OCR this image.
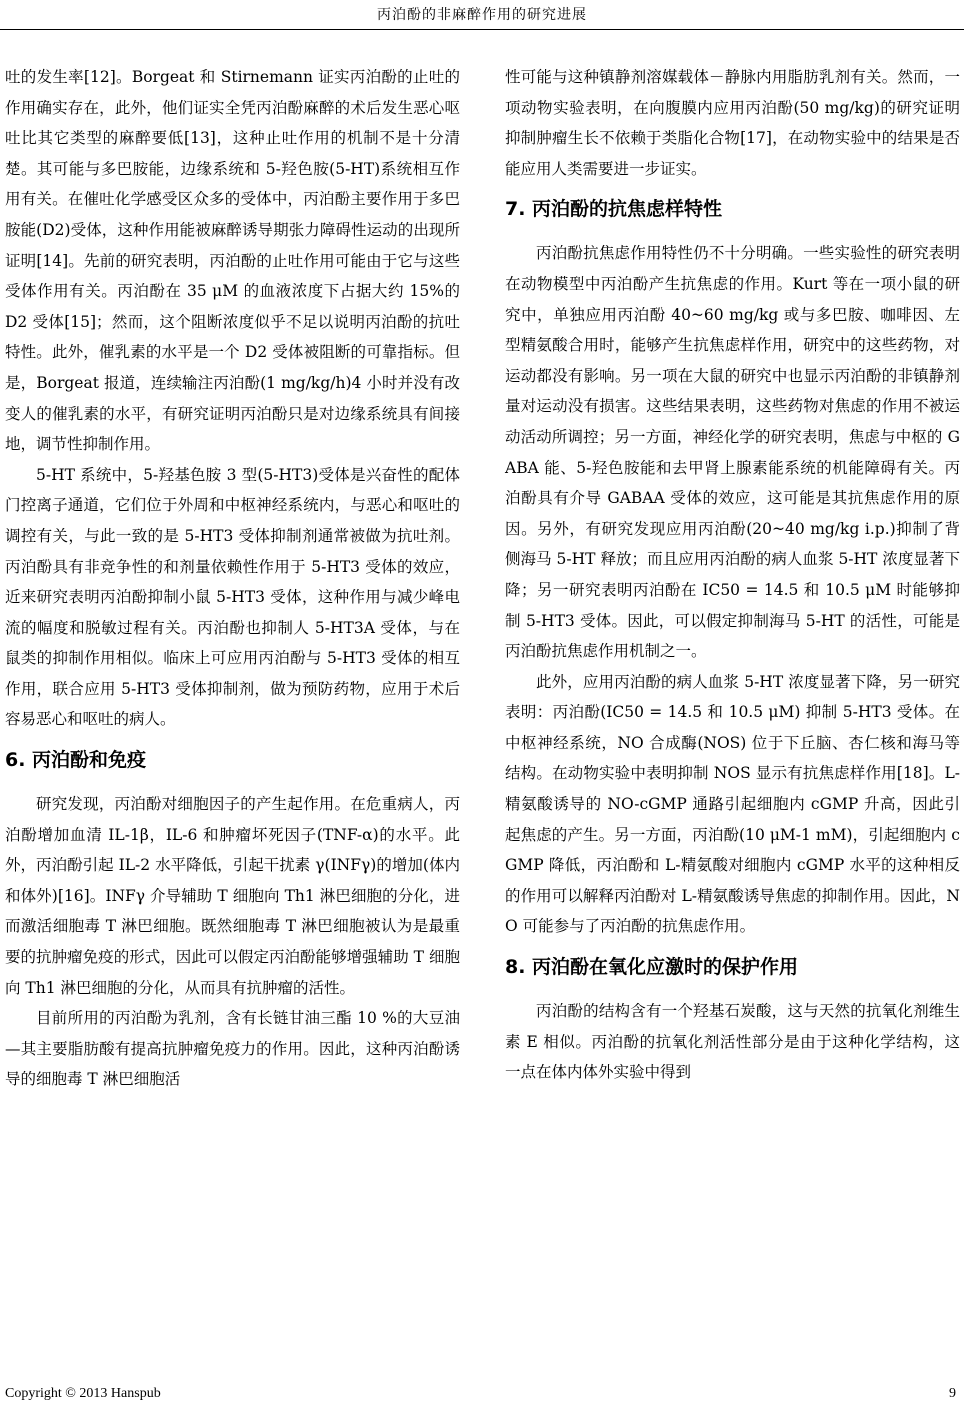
丙泊酚的非麻醉作用的研究进展

吐的发生率[12]。Borgeat 和 Stirnemann 证实丙泊酚的止吐的作用确实存在，此外，他们证实全凭丙泊酚麻醉的术后发生恶心呕吐比其它类型的麻醉要低[13]，这种止吐作用的机制不是十分清楚。其可能与多巴胺能，边缘系统和 5-羟色胺(5-HT)系统相互作用有关。在催吐化学感受区众多的受体中，丙泊酚主要作用于多巴胺能(D2)受体，这种作用能被麻醉诱导期张力障碍性运动的出现所证明[14]。先前的研究表明，丙泊酚的止吐作用可能由于它与这些受体作用有关。丙泊酚在 35 μM 的血液浓度下占据大约 15%的 D2 受体[15]；然而，这个阻断浓度似乎不足以说明丙泊酚的抗吐特性。此外，催乳素的水平是一个 D2 受体被阻断的可靠指标。但是，Borgeat 报道，连续输注丙泊酚(1 mg/kg/h)4 小时并没有改变人的催乳素的水平，有研究证明丙泊酚只是对边缘系统具有间接地，调节性抑制作用。

5-HT 系统中，5-羟基色胺 3 型(5-HT3)受体是兴奋性的配体门控离子通道，它们位于外周和中枢神经系统内，与恶心和呕吐的调控有关，与此一致的是 5-HT3 受体抑制剂通常被做为抗吐剂。丙泊酚具有非竞争性的和剂量依赖性作用于 5-HT3 受体的效应，近来研究表明丙泊酚抑制小鼠 5-HT3 受体，这种作用与减少峰电流的幅度和脱敏过程有关。丙泊酚也抑制人 5-HT3A 受体，与在鼠类的抑制作用相似。临床上可应用丙泊酚与 5-HT3 受体的相互作用，联合应用 5-HT3 受体抑制剂，做为预防药物，应用于术后容易恶心和呕吐的病人。

6. 丙泊酚和免疫

研究发现，丙泊酚对细胞因子的产生起作用。在危重病人，丙泊酚增加血清 IL-1β，IL-6 和肿瘤坏死因子(TNF-α)的水平。此外，丙泊酚引起 IL-2 水平降低，引起干扰素 γ(INFγ)的增加(体内和体外)[16]。INFγ 介导辅助 T 细胞向 Th1 淋巴细胞的分化，进而激活细胞毒 T 淋巴细胞。既然细胞毒 T 淋巴细胞被认为是最重要的抗肿瘤免疫的形式，因此可以假定丙泊酚能够增强辅助 T 细胞向 Th1 淋巴细胞的分化，从而具有抗肿瘤的活性。

目前所用的丙泊酚为乳剂，含有长链甘油三酯 10 %的大豆油—其主要脂肪酸有提高抗肿瘤免疫力的作用。因此，这种丙泊酚诱导的细胞毒 T 淋巴细胞活

性可能与这种镇静剂溶媒载体－静脉内用脂肪乳剂有关。然而，一项动物实验表明，在向腹膜内应用丙泊酚(50 mg/kg)的研究证明抑制肿瘤生长不依赖于类脂化合物[17]，在动物实验中的结果是否能应用人类需要进一步证实。

7. 丙泊酚的抗焦虑样特性

丙泊酚抗焦虑作用特性仍不十分明确。一些实验性的研究表明在动物模型中丙泊酚产生抗焦虑的作用。Kurt 等在一项小鼠的研究中，单独应用丙泊酚 40~60 mg/kg 或与多巴胺、咖啡因、左型精氨酸合用时，能够产生抗焦虑样作用，研究中的这些药物，对运动都没有影响。另一项在大鼠的研究中也显示丙泊酚的非镇静剂量对运动没有损害。这些结果表明，这些药物对焦虑的作用不被运动活动所调控；另一方面，神经化学的研究表明，焦虑与中枢的 GABA 能、5-羟色胺能和去甲肾上腺素能系统的机能障碍有关。丙泊酚具有介导 GABAA 受体的效应，这可能是其抗焦虑作用的原因。另外，有研究发现应用丙泊酚(20~40 mg/kg i.p.)抑制了背侧海马 5-HT 释放；而且应用丙泊酚的病人血浆 5-HT 浓度显著下降；另一研究表明丙泊酚在 IC50 = 14.5 和 10.5 μM 时能够抑制 5-HT3 受体。因此，可以假定抑制海马 5-HT 的活性，可能是丙泊酚抗焦虑作用机制之一。

此外，应用丙泊酚的病人血浆 5-HT 浓度显著下降，另一研究表明：丙泊酚(IC50 = 14.5 和 10.5 μM) 抑制 5-HT3 受体。在中枢神经系统，NO 合成酶(NOS) 位于下丘脑、杏仁核和海马等结构。在动物实验中表明抑制 NOS 显示有抗焦虑样作用[18]。L-精氨酸诱导的 NO-cGMP 通路引起细胞内 cGMP 升高，因此引起焦虑的产生。另一方面，丙泊酚(10 μM-1 mM)，引起细胞内 cGMP 降低，丙泊酚和 L-精氨酸对细胞内 cGMP 水平的这种相反的作用可以解释丙泊酚对 L-精氨酸诱导焦虑的抑制作用。因此，NO 可能参与了丙泊酚的抗焦虑作用。

8. 丙泊酚在氧化应激时的保护作用

丙泊酚的结构含有一个羟基石炭酸，这与天然的抗氧化剂维生素 E 相似。丙泊酚的抗氧化剂活性部分是由于这种化学结构，这一点在体内体外实验中得到

Copyright © 2013 Hanspub	9
